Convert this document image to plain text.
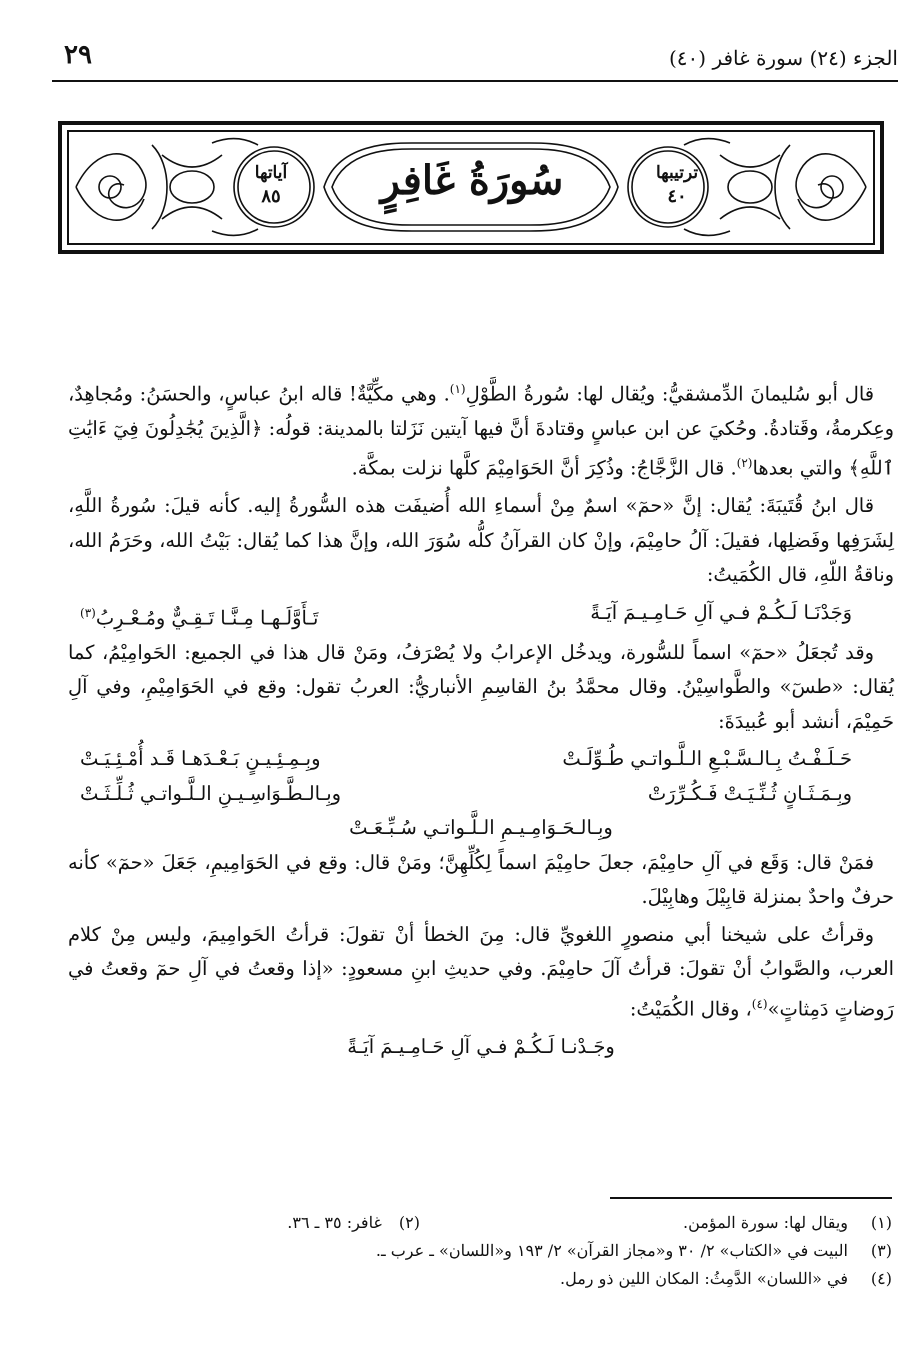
الجزء (٢٤) سورة غافر (٤٠)
٢٩
آياتها
٨٥	سُورَةُ غَافِرٍ	ترتيبها
٤٠

قال أبو سُليمانَ الدِّمشقيُّ: ويُقال لها: سُورةُ الطَّوْلِ$^{(١)}$. وهي مكِّيَّةٌ! قاله ابنُ عباسٍ، والحسَنُ: ومُجاهِدٌ، وعِكرمةُ، وقَتادةُ. وحُكيَ عن ابن عباسٍ وقتادةَ أنَّ فيها آيتين نَزَلتا بالمدينة: قولُه: ﴿الَّذِينَ يُجَٰدِلُونَ فِيٓ ءَايَٰتِ ٱللَّهِ﴾ والتي بعدها$^{(٢)}$. قال الزَّجَّاجُ: وذُكِرَ أنَّ الحَوَامِيْمَ كلَّها نزلت بمكَّة.

قال ابنُ قُتَيبَةَ: يُقال: إنَّ «حمٓ» اسمٌ مِنْ أسماءِ الله أُضيفَت هذه السُّورةُ إليه. كأنه قيلَ: سُورةُ اللَّهِ، لِشَرَفِها وفَضلِها، فقيلَ: آلُ حامِيْمَ، وإنْ كان القرآنُ كلُّه سُوَرَ الله، وإنَّ هذا كما يُقال: بَيْتُ الله، وحَرَمُ الله، وناقةُ اللّهِ، قال الكُمَيتُ:

وَجَدْنَـا لَـكُـمْ فـي آلِ حَـامِـيـمَ آيَـةً
تَـأَوَّلَـهـا مِـنَّـا تَـقِـيٌّ ومُـعْـرِبُ$^{(٣)}$

وقد تُجعَلُ «حمٓ» اسماً للسُّورة، ويدخُل الإعرابُ ولا يُصْرَفُ، ومَنْ قال هذا في الجميع: الحَوامِيْمُ، كما يُقال: «طسٓ» والطَّواسِيْنُ. وقال محمَّدُ بنُ القاسِمِ الأنباريُّ: العربُ تقول: وقع في الحَوَامِيْمِ، وفي آلِ حَمِيْمَ، أنشد أبو عُبيدَةَ:

حَـلَـفْـتُ بِـالـسَّـبْـعِ الـلَّـواتـي طُـوِّلَـتْ
وبِـمِـئِـيـنٍ بَـعْـدَهـا قَـد أُمْـئِـيَـتْ
وبِـمَـثَـانٍ ثُـنِّـيَـتْ فَـكُـرِّرَتْ
وبِـالـطَّـوَاسِـيـنِ الـلَّـواتـي ثُـلِّـثَـتْ
وبِـالـحَـوَامِـيـمِ الـلَّـواتـي سُـبِّـعَـتْ

فمَنْ قال: وَقَع في آلِ حامِيْمَ، جعلَ حامِيْمَ اسماً لِكُلِّهِنَّ؛ ومَنْ قال: وقع في الحَوَامِيمِ، جَعَلَ «حمٓ» كأنه حرفٌ واحدٌ بمنزلة قابِيْلَ وهابِيْلَ.

وقرأتُ على شيخنا أبي منصورٍ اللغويِّ قال: مِنَ الخطأ أنْ تقولَ: قرأتُ الحَوامِيمَ، وليس مِنْ كلام العرب، والصَّوابُ أنْ تقولَ: قرأتُ آلَ حامِيْمَ. وفي حديثِ ابنِ مسعودٍ: «إذا وقعتُ في آلِ حمٓ وقعتُ في رَوضاتٍ دَمِثاتٍ»$^{(٤)}$، وقال الكُمَيْتُ:

وجَـدْنـا لَـكُـمْ فـي آلِ حَـامِـيـمَ آيَـةً
(١)
ويقال لها: سورة المؤمن.
(٢) غافر: ٣٥ ـ ٣٦.
(٣)
البيت في «الكتاب» ٢/ ٣٠ و«مجاز القرآن» ٢/ ١٩٣ و«اللسان» ـ عرب ـ.
(٤)
في «اللسان» الدَّمِثُ: المكان اللين ذو رمل.
